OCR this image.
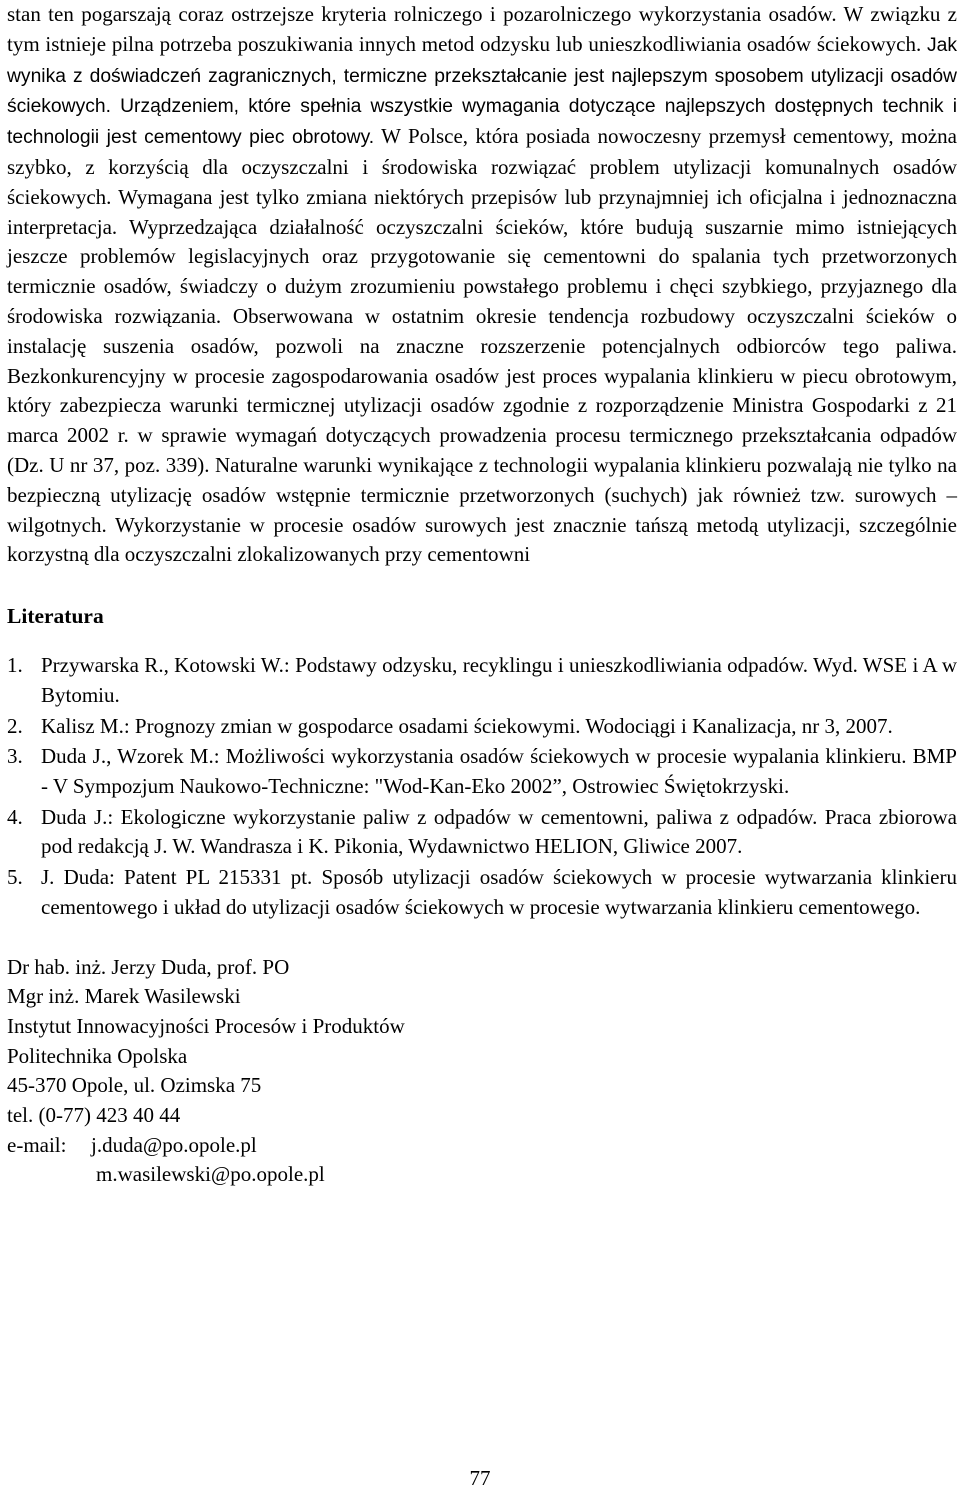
stan ten pogarszają coraz ostrzejsze kryteria rolniczego i pozarolniczego wykorzystania osadów. W związku z tym istnieje pilna potrzeba poszukiwania innych metod odzysku lub unieszkodliwiania osadów ściekowych. Jak wynika z doświadczeń zagranicznych, termiczne przekształcanie jest najlepszym sposobem utylizacji osadów ściekowych. Urządzeniem, które spełnia wszystkie wymagania dotyczące najlepszych dostępnych technik i technologii jest cementowy piec obrotowy. W Polsce, która posiada nowoczesny przemysł cementowy, można szybko, z korzyścią dla oczyszczalni i środowiska rozwiązać problem utylizacji komunalnych osadów ściekowych. Wymagana jest tylko zmiana niektórych przepisów lub przynajmniej ich oficjalna i jednoznaczna interpretacja. Wyprzedzająca działalność oczyszczalni ścieków, które budują suszarnie mimo istniejących jeszcze problemów legislacyjnych oraz przygotowanie się cementowni do spalania tych przetworzonych termicznie osadów, świadczy o dużym zrozumieniu powstałego problemu i chęci szybkiego, przyjaznego dla środowiska rozwiązania. Obserwowana w ostatnim okresie tendencja rozbudowy oczyszczalni ścieków o instalację suszenia osadów, pozwoli na znaczne rozszerzenie potencjalnych odbiorców tego paliwa. Bezkonkurencyjny w procesie zagospodarowania osadów jest proces wypalania klinkieru w piecu obrotowym, który zabezpiecza warunki termicznej utylizacji osadów zgodnie z rozporządzenie Ministra Gospodarki z 21 marca 2002 r. w sprawie wymagań dotyczących prowadzenia procesu termicznego przekształcania odpadów (Dz. U nr 37, poz. 339). Naturalne warunki wynikające z technologii wypalania klinkieru pozwalają nie tylko na bezpieczną utylizację osadów wstępnie termicznie przetworzonych (suchych) jak również tzw. surowych – wilgotnych. Wykorzystanie w procesie osadów surowych jest znacznie tańszą metodą utylizacji, szczególnie korzystną dla oczyszczalni zlokalizowanych przy cementowni

Literatura
1. Przywarska R., Kotowski W.: Podstawy odzysku, recyklingu i unieszkodliwiania odpadów. Wyd. WSE i A w Bytomiu.
2. Kalisz M.: Prognozy zmian w gospodarce osadami ściekowymi. Wodociągi i Kanalizacja, nr 3, 2007.
3. Duda J., Wzorek M.: Możliwości wykorzystania osadów ściekowych w procesie wypalania klinkieru. BMP - V Sympozjum Naukowo-Techniczne: "Wod-Kan-Eko 2002”, Ostrowiec Świętokrzyski.
4. Duda J.: Ekologiczne wykorzystanie paliw z odpadów w cementowni, paliwa z odpadów. Praca zbiorowa pod redakcją J. W. Wandrasza i K. Pikonia, Wydawnictwo HELION, Gliwice 2007.
5. J. Duda: Patent PL 215331 pt. Sposób utylizacji osadów ściekowych w procesie wytwarzania klinkieru cementowego i układ do utylizacji osadów ściekowych w procesie wytwarzania klinkieru cementowego.
Dr hab. inż. Jerzy Duda, prof. PO
Mgr inż. Marek Wasilewski
Instytut Innowacyjności Procesów i Produktów
Politechnika Opolska
45-370 Opole, ul. Ozimska 75
tel. (0-77) 423 40 44
e-mail: j.duda@po.opole.pl
m.wasilewski@po.opole.pl
77
